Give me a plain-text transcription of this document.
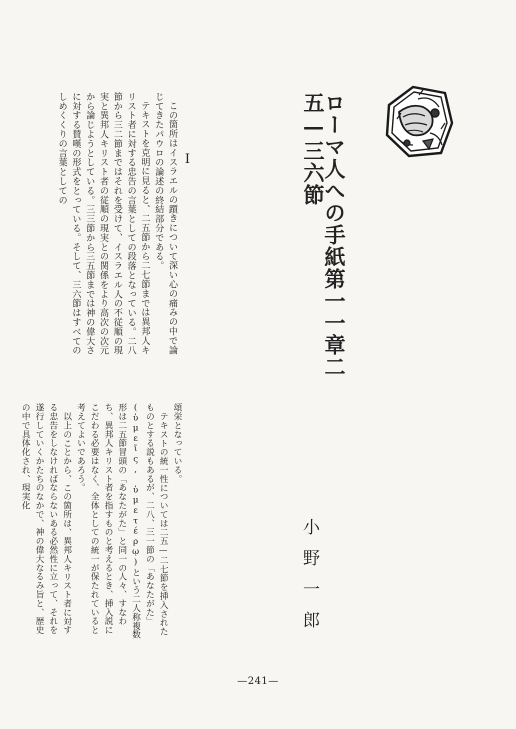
ローマ人への手紙第一一章二五—三六節
小野一郎
I

この箇所はイスラエルの躓きについて深い心の痛みの中で論じてきたパウロの論述の終結部分である。

テキストを克明に見ると、二五節から二七節までは異邦人キリスト者に対する忠告の言葉としての段落となっている。二八節から三二節まではそれを受けて、イスラエル人の不従順の現実と異邦人キリスト者の従順の現実との関係をより高次の次元から論じようとしている。三三節から三五節までは神の偉大さに対する賛嘆の形式をとっている。そして、三六節はすべてのしめくくりの言葉としての

頌栄となっている。

テキストの統一性については二五—二七節を挿入されたものとする説もあるが、二八、三一節の「あなたがた」(ὑμεῖς, ὑμετέρῳ)という二人称複数形は二五節冒頭の「あなたがた」と同一の人々、すなわち、異邦人キリスト者を指すものと考えるとき、挿入説にこだわる必要はなく、全体としての統一が保たれていると考えてよいであろう。

以上のことから、この箇所は、異邦人キリスト者に対する忠告をしなければならないある必然性に立って、それを遂行していくかたちのなかで、神の偉大なるみ旨と、歴史の中で具体化され、現実化

—241—
